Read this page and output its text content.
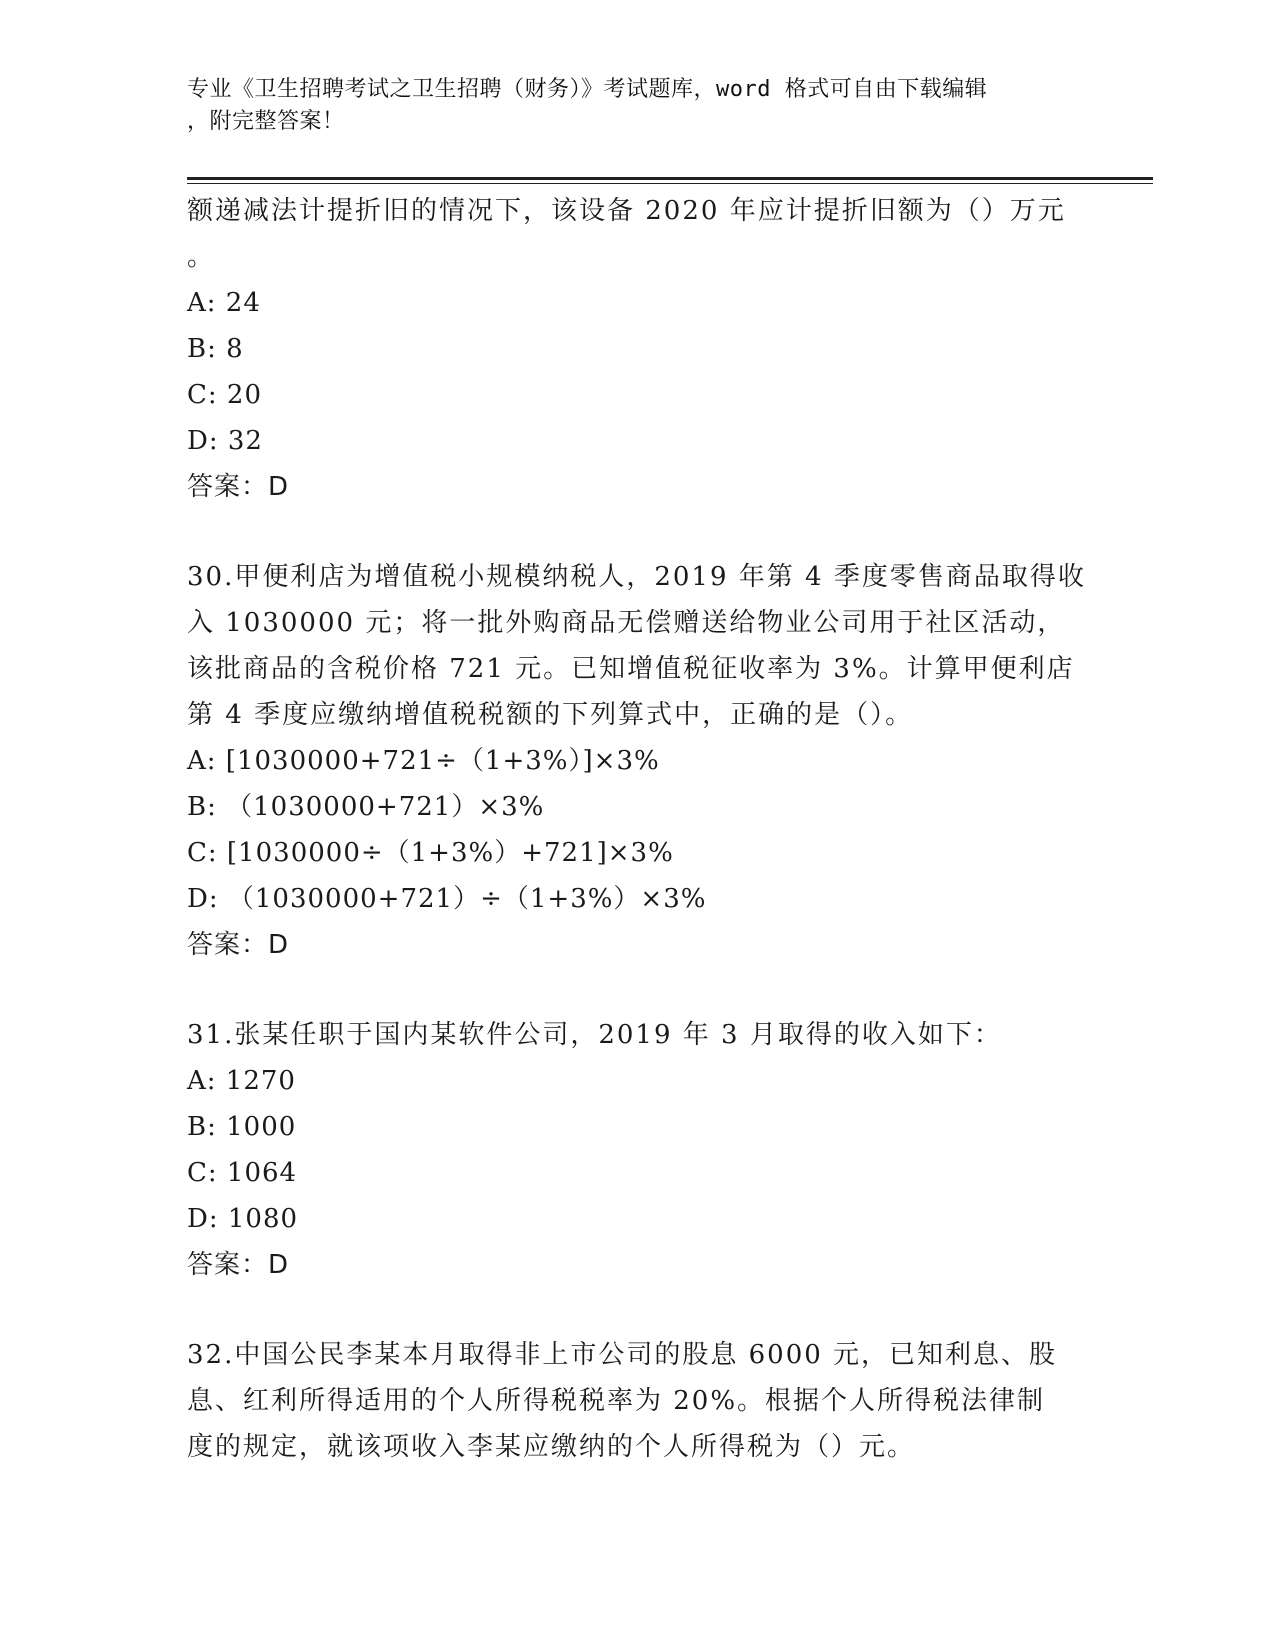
专业《卫生招聘考试之卫生招聘（财务）》考试题库，word 格式可自由下载编辑
，附完整答案！
额递减法计提折旧的情况下，该设备 2020 年应计提折旧额为（）万元
。
A: 24
B: 8
C: 20
D: 32
答案：D
30.甲便利店为增值税小规模纳税人，2019 年第 4 季度零售商品取得收
入 1030000 元；将一批外购商品无偿赠送给物业公司用于社区活动，
该批商品的含税价格 721 元。已知增值税征收率为 3%。计算甲便利店
第 4 季度应缴纳增值税税额的下列算式中，正确的是（）。
A: [1030000+721÷（1+3%）]×3%
B: （1030000+721）×3%
C: [1030000÷（1+3%）+721]×3%
D: （1030000+721）÷（1+3%）×3%
答案：D
31.张某任职于国内某软件公司，2019 年 3 月取得的收入如下：
A: 1270
B: 1000
C: 1064
D: 1080
答案：D
32.中国公民李某本月取得非上市公司的股息 6000 元，已知利息、股
息、红利所得适用的个人所得税税率为 20%。根据个人所得税法律制
度的规定，就该项收入李某应缴纳的个人所得税为（）元。
